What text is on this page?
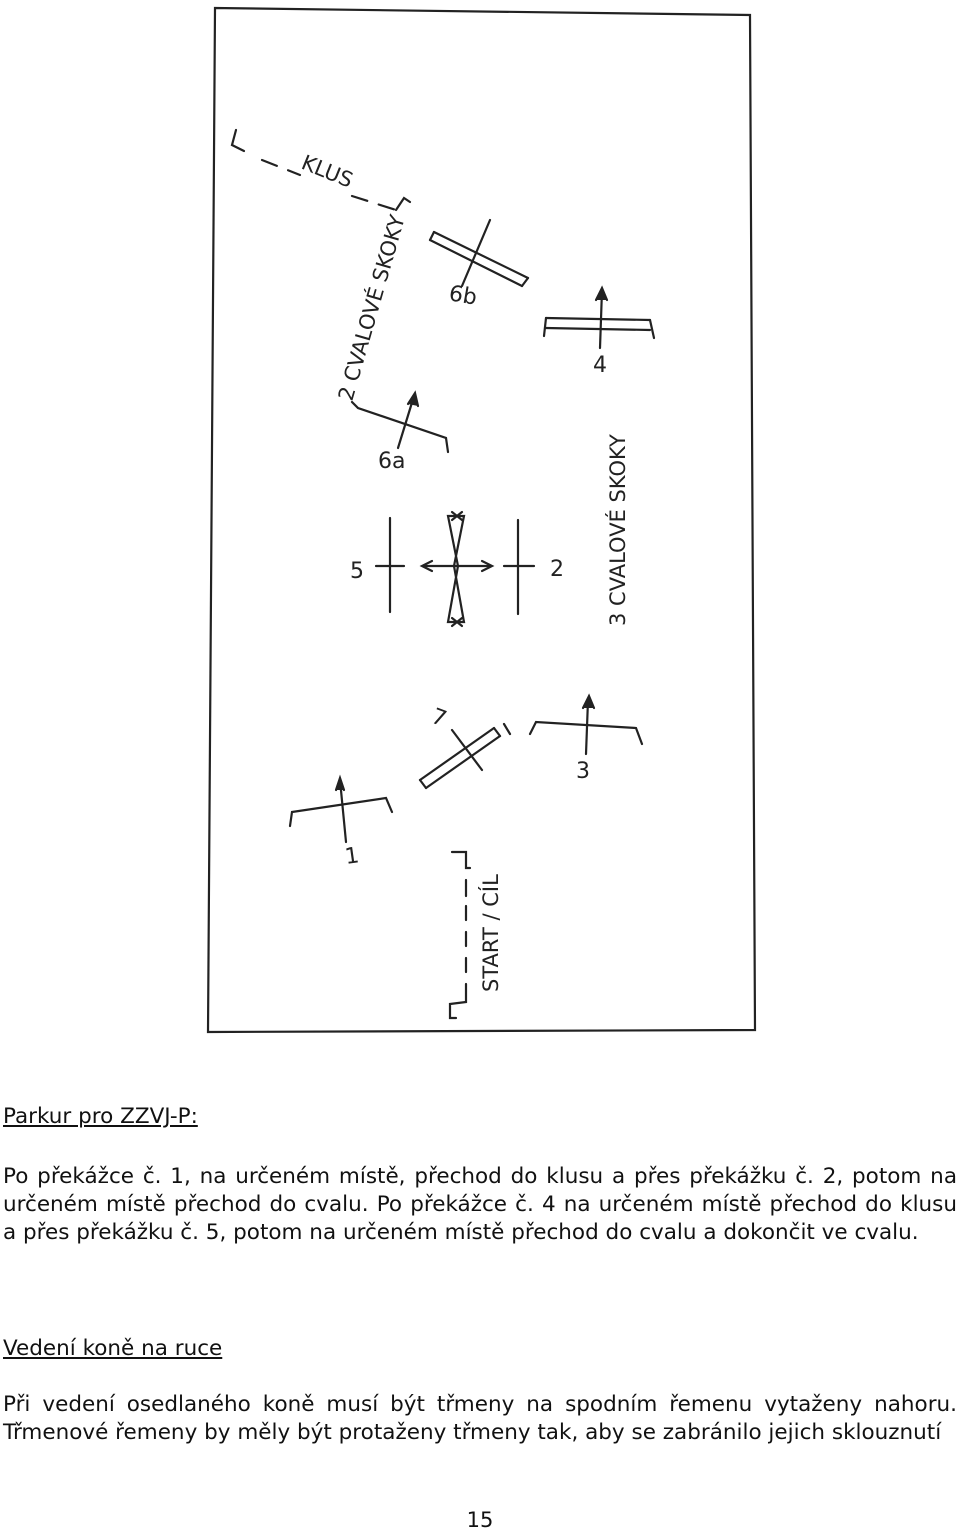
KLUS
2 CVALOVÉ SKOKY
3 CVALOVÉ SKOKY
START / CÍL
6b
4
6a
5	2
7
3
1

Parkur pro ZZVJ-P:

Po překážce č. 1, na určeném místě, přechod do klusu a přes překážku č. 2, potom na určeném místě přechod do cvalu. Po překážce č. 4 na určeném místě přechod do klusu a přes překážku č. 5, potom na určeném místě přechod do cvalu a dokončit ve cvalu.

Vedení koně na ruce

Při vedení osedlaného koně musí být třmeny na spodním řemenu vytaženy nahoru. Třmenové řemeny by měly být protaženy třmeny tak, aby se zabránilo jejich sklouznutí

15
